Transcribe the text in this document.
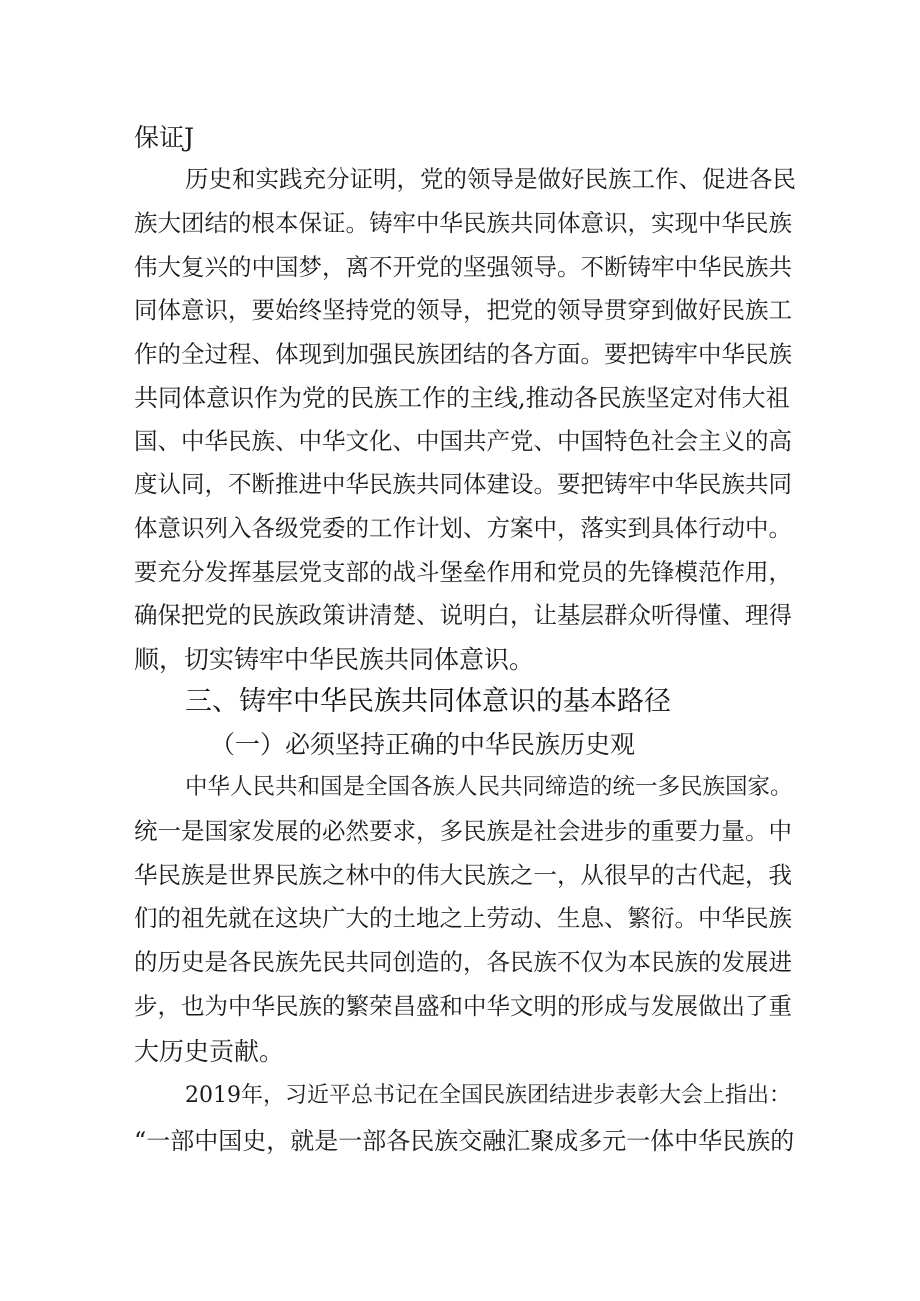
保证J

历史和实践充分证明，党的领导是做好民族工作、促进各民

族大团结的根本保证。铸牢中华民族共同体意识，实现中华民族

伟大复兴的中国梦，离不开党的坚强领导。不断铸牢中华民族共

同体意识，要始终坚持党的领导，把党的领导贯穿到做好民族工

作的全过程、体现到加强民族团结的各方面。要把铸牢中华民族

共同体意识作为党的民族工作的主线,推动各民族坚定对伟大祖

国、中华民族、中华文化、中国共产党、中国特色社会主义的高

度认同，不断推进中华民族共同体建设。要把铸牢中华民族共同

体意识列入各级党委的工作计划、方案中，落实到具体行动中。

要充分发挥基层党支部的战斗堡垒作用和党员的先锋模范作用，

确保把党的民族政策讲清楚、说明白，让基层群众听得懂、理得

顺，切实铸牢中华民族共同体意识。

三、铸牢中华民族共同体意识的基本路径

（一）必须坚持正确的中华民族历史观

中华人民共和国是全国各族人民共同缔造的统一多民族国家。

统一是国家发展的必然要求，多民族是社会进步的重要力量。中

华民族是世界民族之林中的伟大民族之一，从很早的古代起，我

们的祖先就在这块广大的土地之上劳动、生息、繁衍。中华民族

的历史是各民族先民共同创造的，各民族不仅为本民族的发展进

步，也为中华民族的繁荣昌盛和中华文明的形成与发展做出了重

大历史贡献。

2019年，习近平总书记在全国民族团结进步表彰大会上指出：

“一部中国史，就是一部各民族交融汇聚成多元一体中华民族的
